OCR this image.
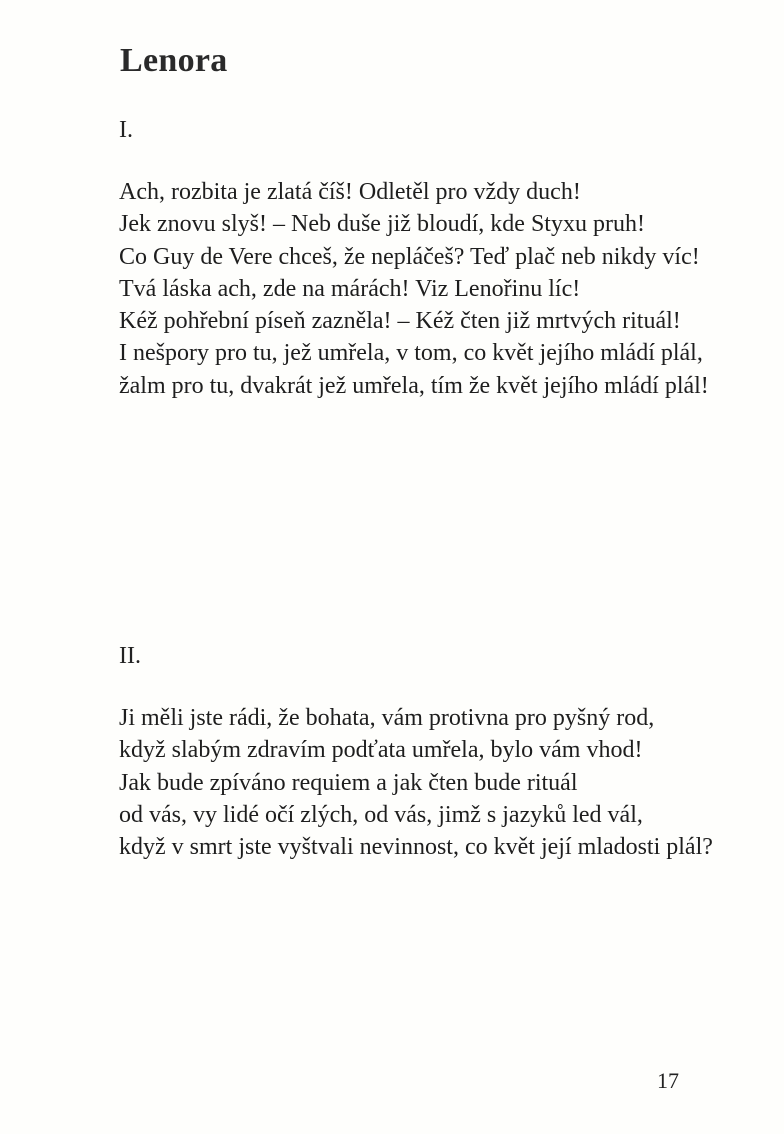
Lenora
I.

Ach, rozbita je zlatá číš! Odletěl pro vždy duch!

Jek znovu slyš! – Neb duše již bloudí, kde Styxu pruh!

Co Guy de Vere chceš, že nepláčeš? Teď plač neb nikdy víc!

Tvá láska ach, zde na márách! Viz Lenořinu líc!

Kéž pohřební píseň zazněla! – Kéž čten již mrtvých rituál!

I nešpory pro tu, jež umřela, v tom, co květ jejího mládí plál,

žalm pro tu, dvakrát jež umřela, tím že květ jejího mládí plál!

II.

Ji měli jste rádi, že bohata, vám protivna pro pyšný rod,

když slabým zdravím podťata umřela, bylo vám vhod!

Jak bude zpíváno requiem a jak čten bude rituál

od vás, vy lidé očí zlých, od vás, jimž s jazyků led vál,

když v smrt jste vyštvali nevinnost, co květ její mladosti plál?

17
